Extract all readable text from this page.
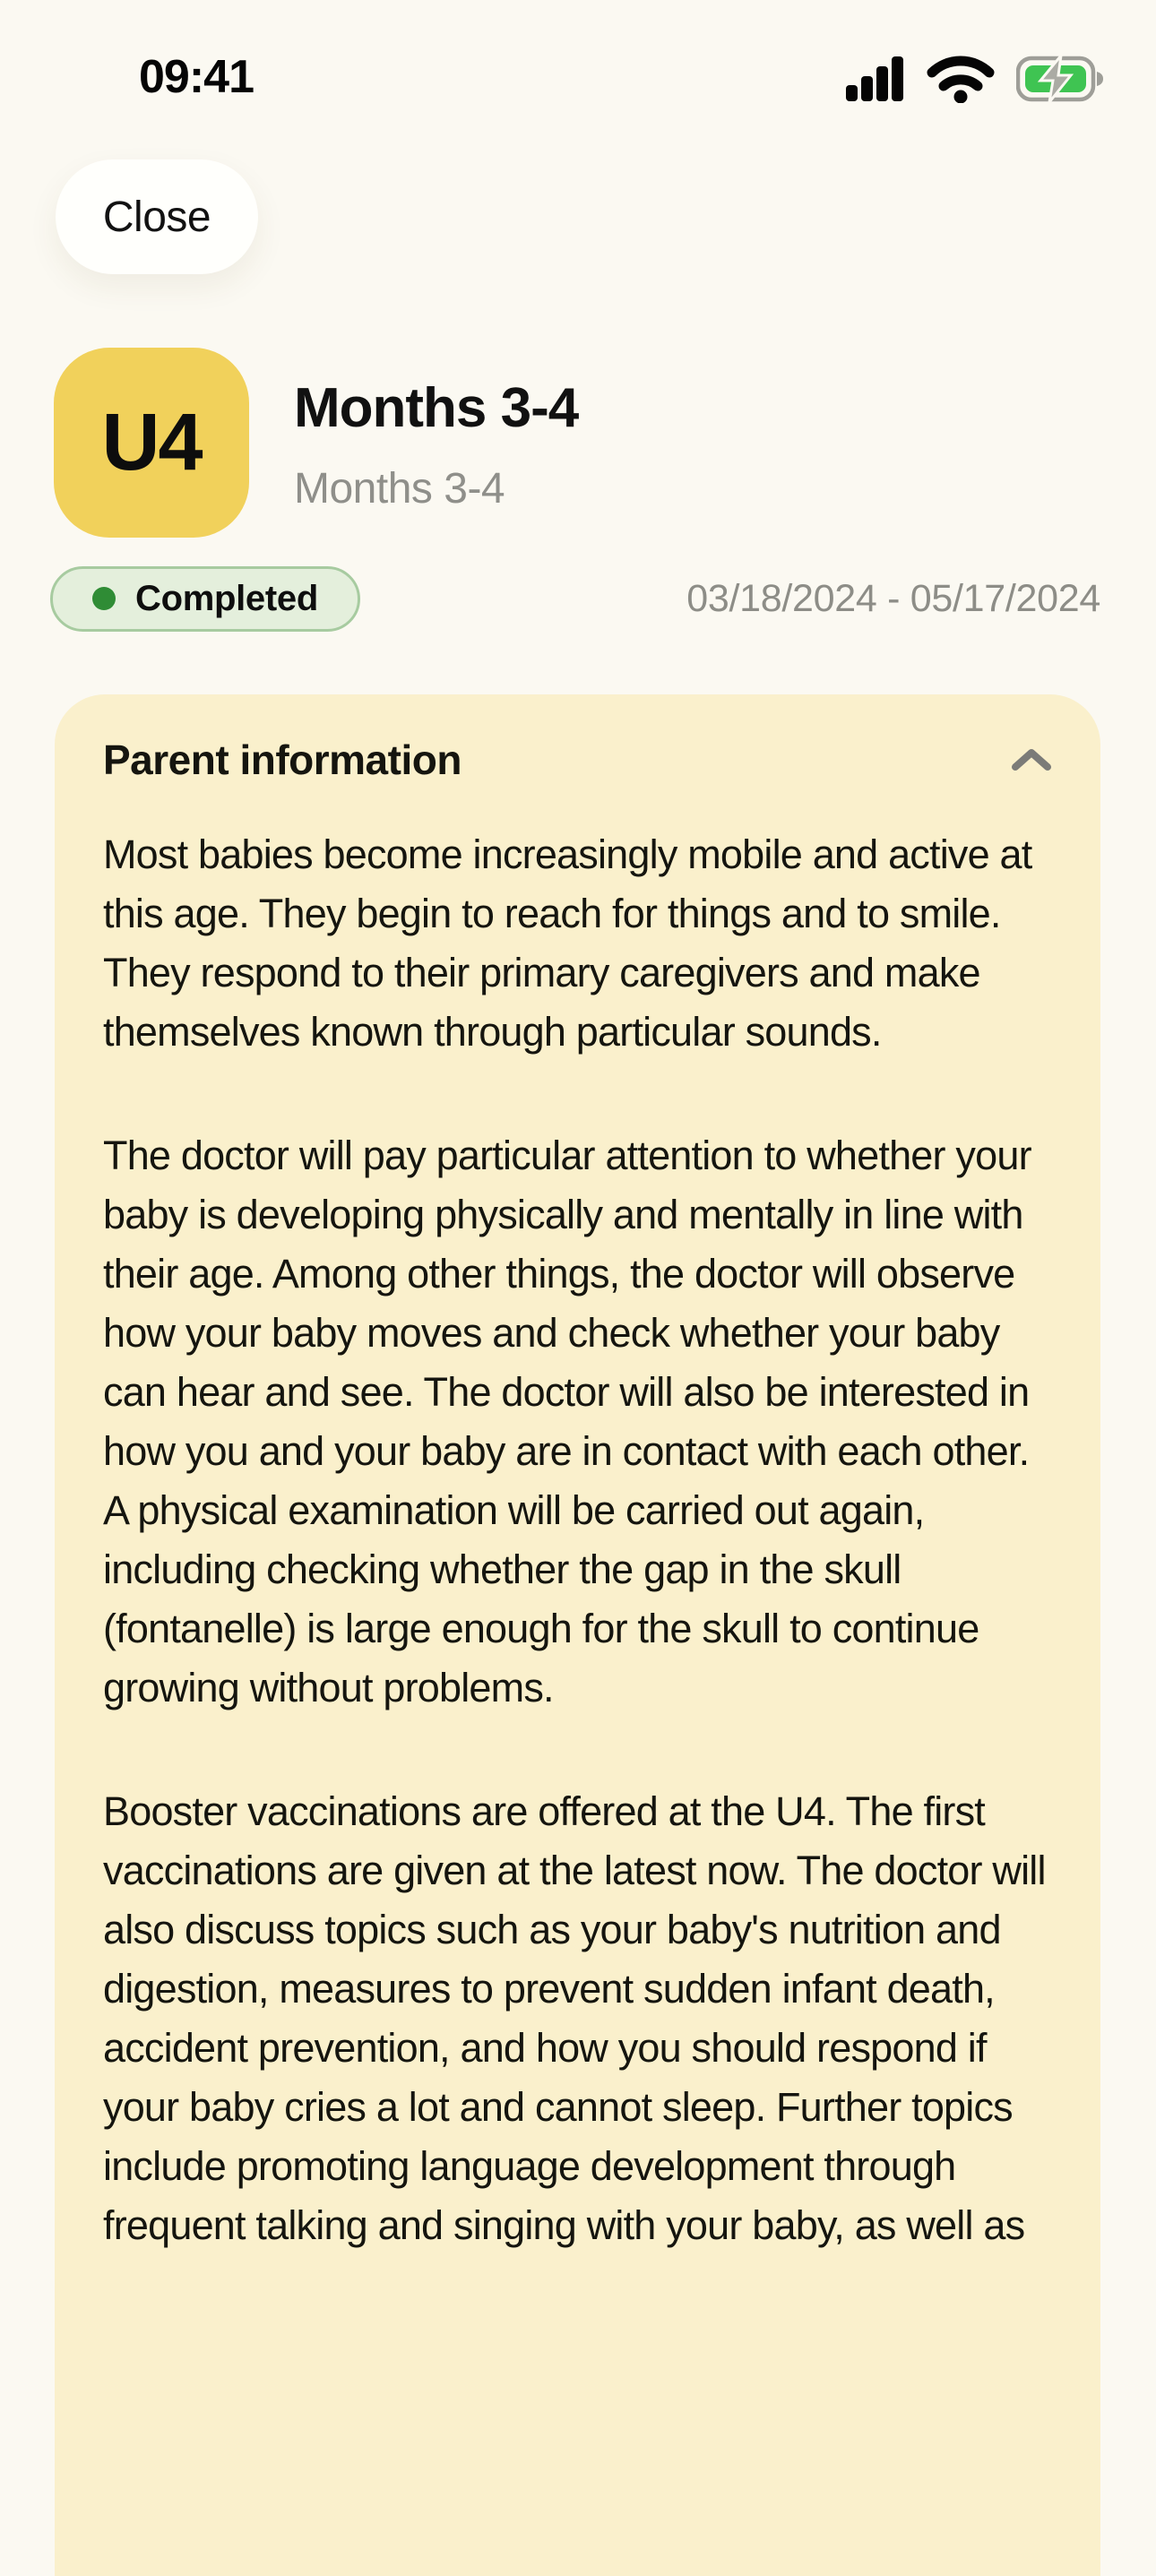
09:41
Close
U4	Months 3-4
Months 3-4
Completed	03/18/2024 - 05/17/2024
Parent information

Most babies become increasingly mobile and active at this age. They begin to reach for things and to smile. They respond to their primary caregivers and make themselves known through particular sounds.

The doctor will pay particular attention to whether your baby is developing physically and mentally in line with their age. Among other things, the doctor will observe how your baby moves and check whether your baby can hear and see. The doctor will also be interested in how you and your baby are in contact with each other. A physical examination will be carried out again, including checking whether the gap in the skull (fontanelle) is large enough for the skull to continue growing without problems.

Booster vaccinations are offered at the U4. The first vaccinations are given at the latest now. The doctor will also discuss topics such as your baby's nutrition and digestion, measures to prevent sudden infant death, accident prevention, and how you should respond if your baby cries a lot and cannot sleep. Further topics include promoting language development through frequent talking and singing with your baby, as well as
